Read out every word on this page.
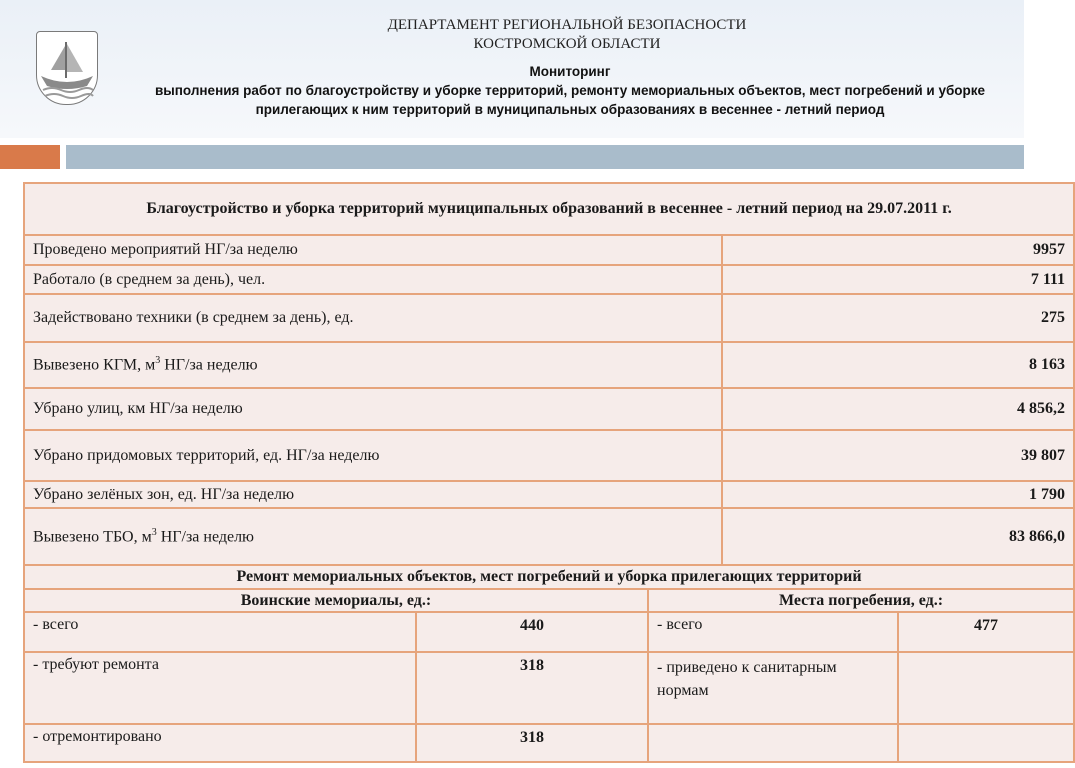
ДЕПАРТАМЕНТ РЕГИОНАЛЬНОЙ БЕЗОПАСНОСТИ
КОСТРОМСКОЙ ОБЛАСТИ
Мониторинг
выполнения работ по благоустройству и уборке территорий, ремонту мемориальных объектов, мест погребений и уборке прилегающих к ним территорий в муниципальных образованиях в весеннее - летний период
Благоустройство и уборка территорий муниципальных образований в весеннее - летний период на 29.07.2011 г.				
Проведено мероприятий НГ/за неделю			9957	
Работало (в среднем за день), чел.			7 111	
Задействовано техники (в среднем за день), ед.			275	
Вывезено КГМ, $м^3$ НГ/за неделю			8 163	
Убрано улиц, км НГ/за неделю			4 856,2	
Убрано придомовых территорий, ед. НГ/за неделю			39 807	
Убрано зелёных зон, ед. НГ/за неделю			1 790	
Вывезено ТБО, $м^3$ НГ/за неделю			83 866,0	
Ремонт мемориальных объектов, мест погребений и уборка прилегающих территорий				
Воинские мемориалы, ед.:		Места погребения, ед.:		
- всего	440	- всего		477
- требуют ремонта	318	- приведено к санитарным нормам		
- отремонтировано	318			
